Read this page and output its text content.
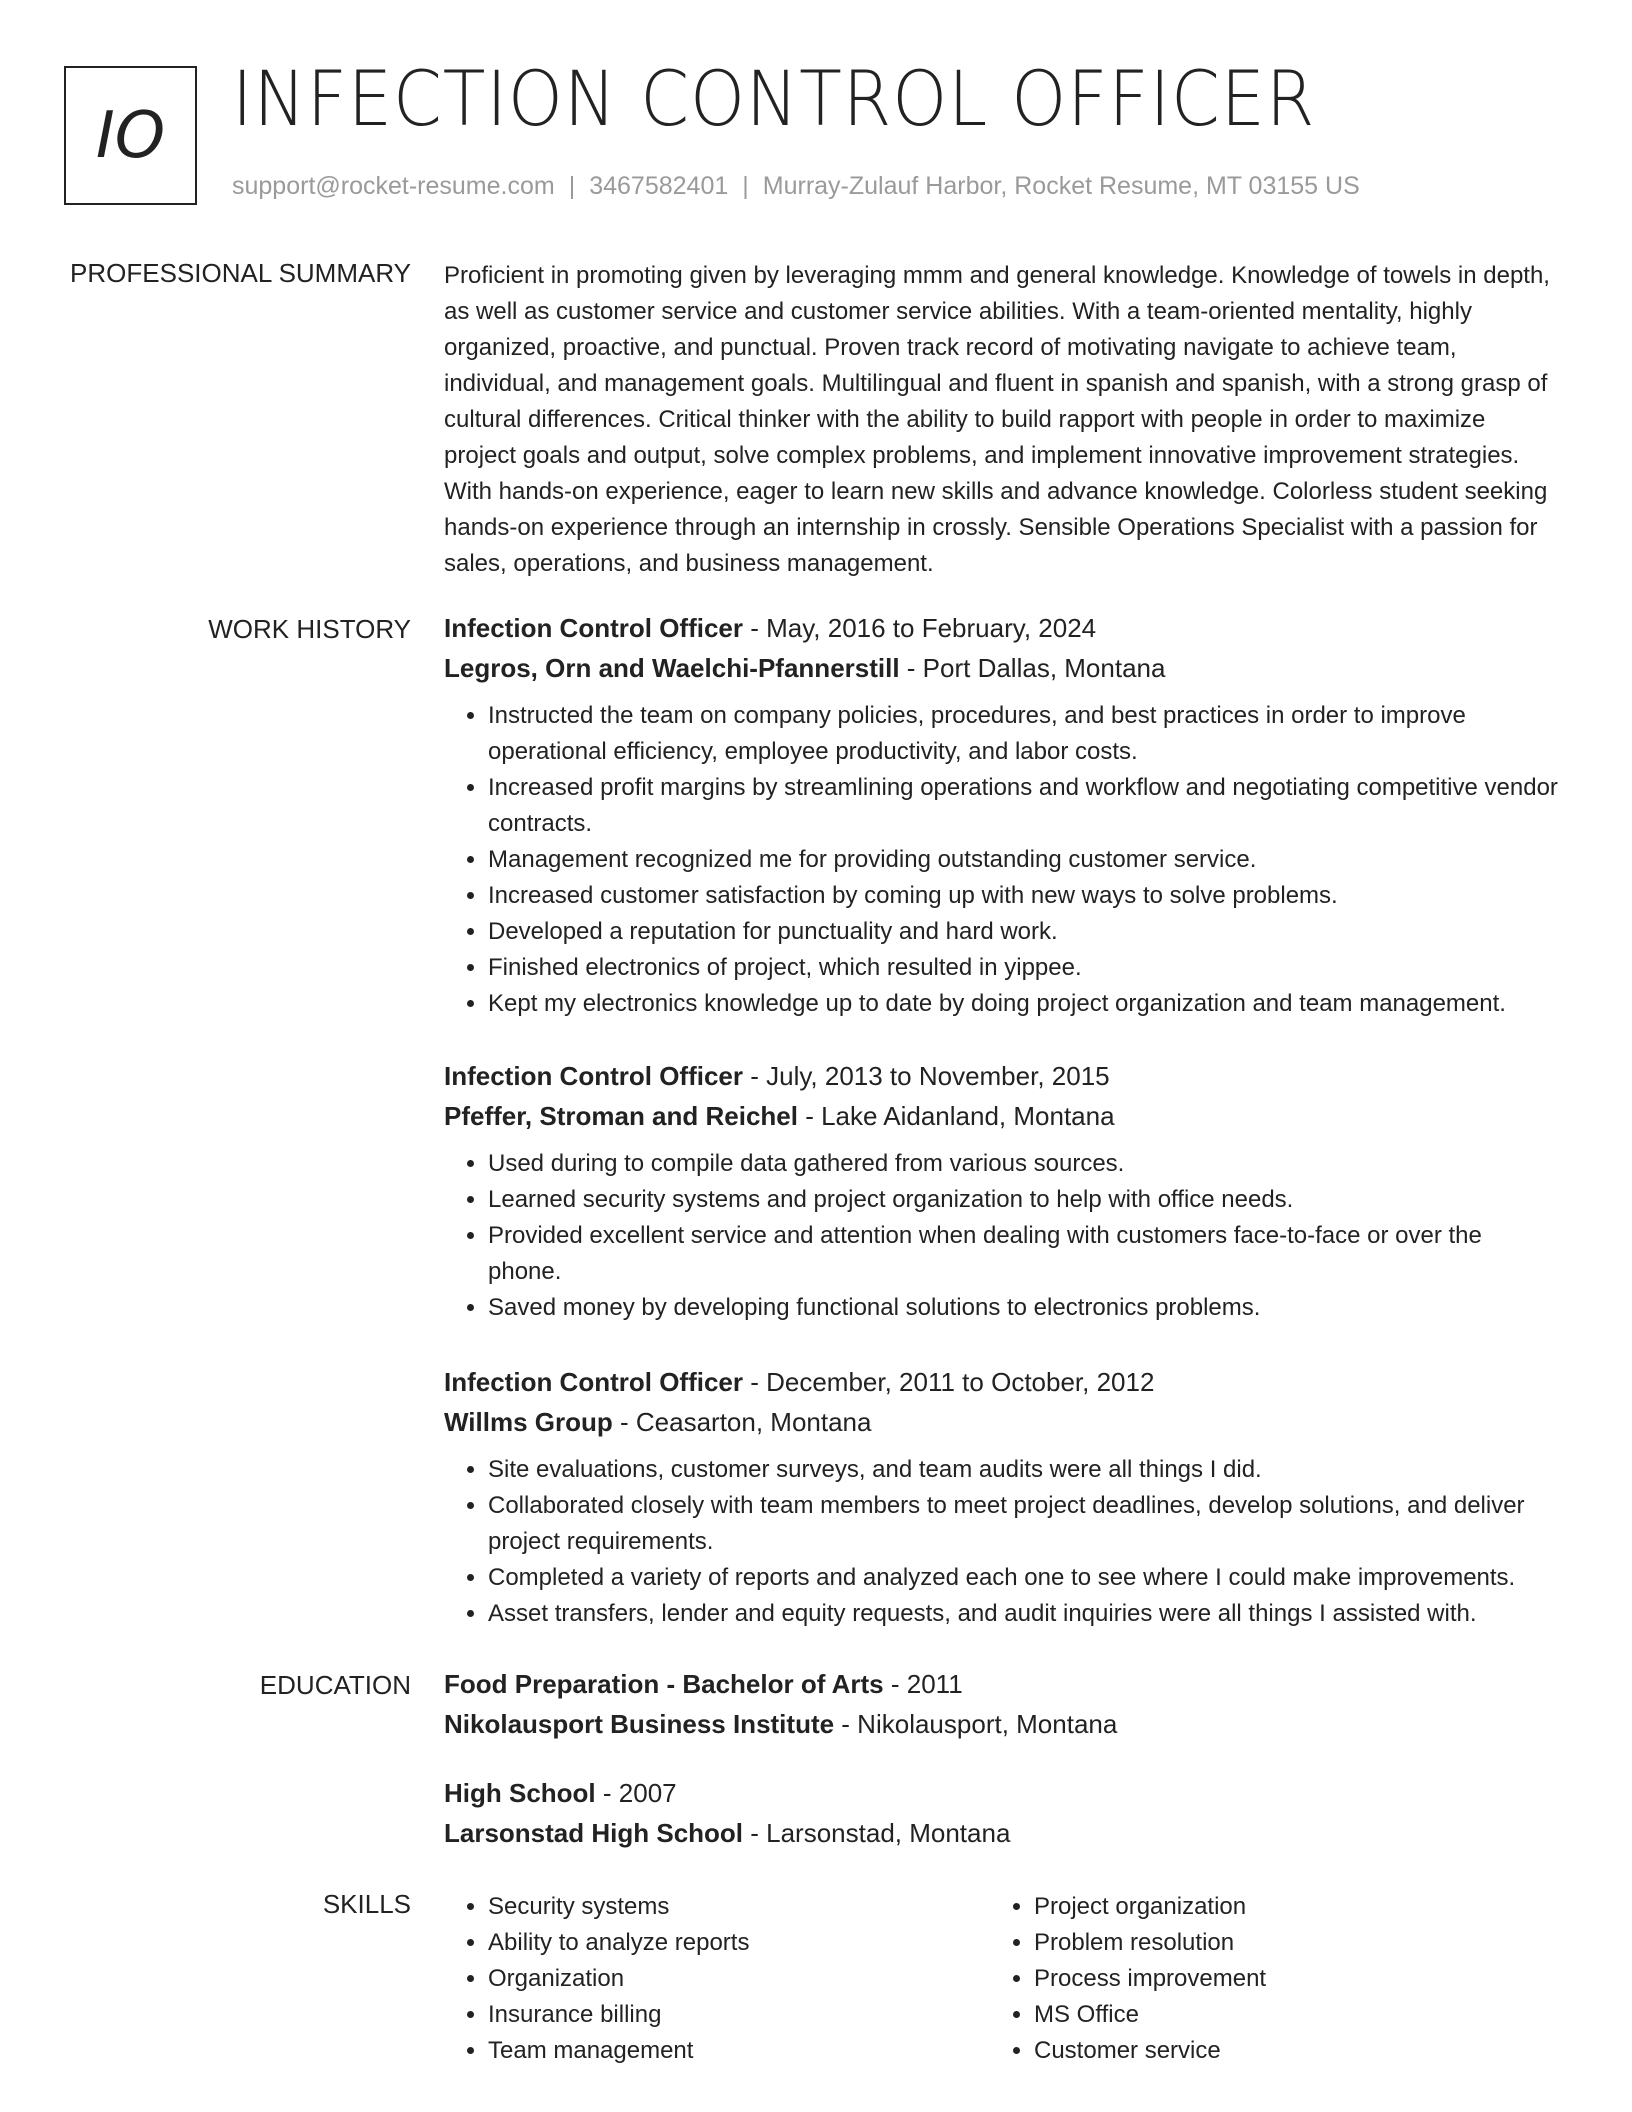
IO INFECTION CONTROL OFFICER
support@rocket-resume.com | 3467582401 | Murray-Zulauf Harbor, Rocket Resume, MT 03155 US
PROFESSIONAL SUMMARY Proficient in promoting given by leveraging mmm and general knowledge. Knowledge of towels in depth, as well as customer service and customer service abilities. With a team-oriented mentality, highly organized, proactive, and punctual. Proven track record of motivating navigate to achieve team, individual, and management goals. Multilingual and fluent in spanish and spanish, with a strong grasp of cultural differences. Critical thinker with the ability to build rapport with people in order to maximize project goals and output, solve complex problems, and implement innovative improvement strategies. With hands-on experience, eager to learn new skills and advance knowledge. Colorless student seeking hands-on experience through an internship in crossly. Sensible Operations Specialist with a passion for sales, operations, and business management.

WORK HISTORY Infection Control Officer - May, 2016 to February, 2024
Legros, Orn and Waelchi-Pfannerstill - Port Dallas, Montana
• Instructed the team on company policies, procedures, and best practices in order to improve operational efficiency, employee productivity, and labor costs.
• Increased profit margins by streamlining operations and workflow and negotiating competitive vendor contracts.
• Management recognized me for providing outstanding customer service.
• Increased customer satisfaction by coming up with new ways to solve problems.
• Developed a reputation for punctuality and hard work.
• Finished electronics of project, which resulted in yippee.
• Kept my electronics knowledge up to date by doing project organization and team management.
Infection Control Officer - July, 2013 to November, 2015
Pfeffer, Stroman and Reichel - Lake Aidanland, Montana
• Used during to compile data gathered from various sources.
• Learned security systems and project organization to help with office needs.
• Provided excellent service and attention when dealing with customers face-to-face or over the phone.
• Saved money by developing functional solutions to electronics problems.
Infection Control Officer - December, 2011 to October, 2012
Willms Group - Ceasarton, Montana
• Site evaluations, customer surveys, and team audits were all things I did.
• Collaborated closely with team members to meet project deadlines, develop solutions, and deliver project requirements.
• Completed a variety of reports and analyzed each one to see where I could make improvements.
• Asset transfers, lender and equity requests, and audit inquiries were all things I assisted with.
EDUCATION Food Preparation - Bachelor of Arts - 2011
Nikolausport Business Institute - Nikolausport, Montana
High School - 2007
Larsonstad High School - Larsonstad, Montana
SKILLS
•	Security systems
• Ability to analyze reports
• Organization
• Insurance billing
• Team management
• Project organization
• Problem resolution
• Process improvement
• MS Office
• Customer service
